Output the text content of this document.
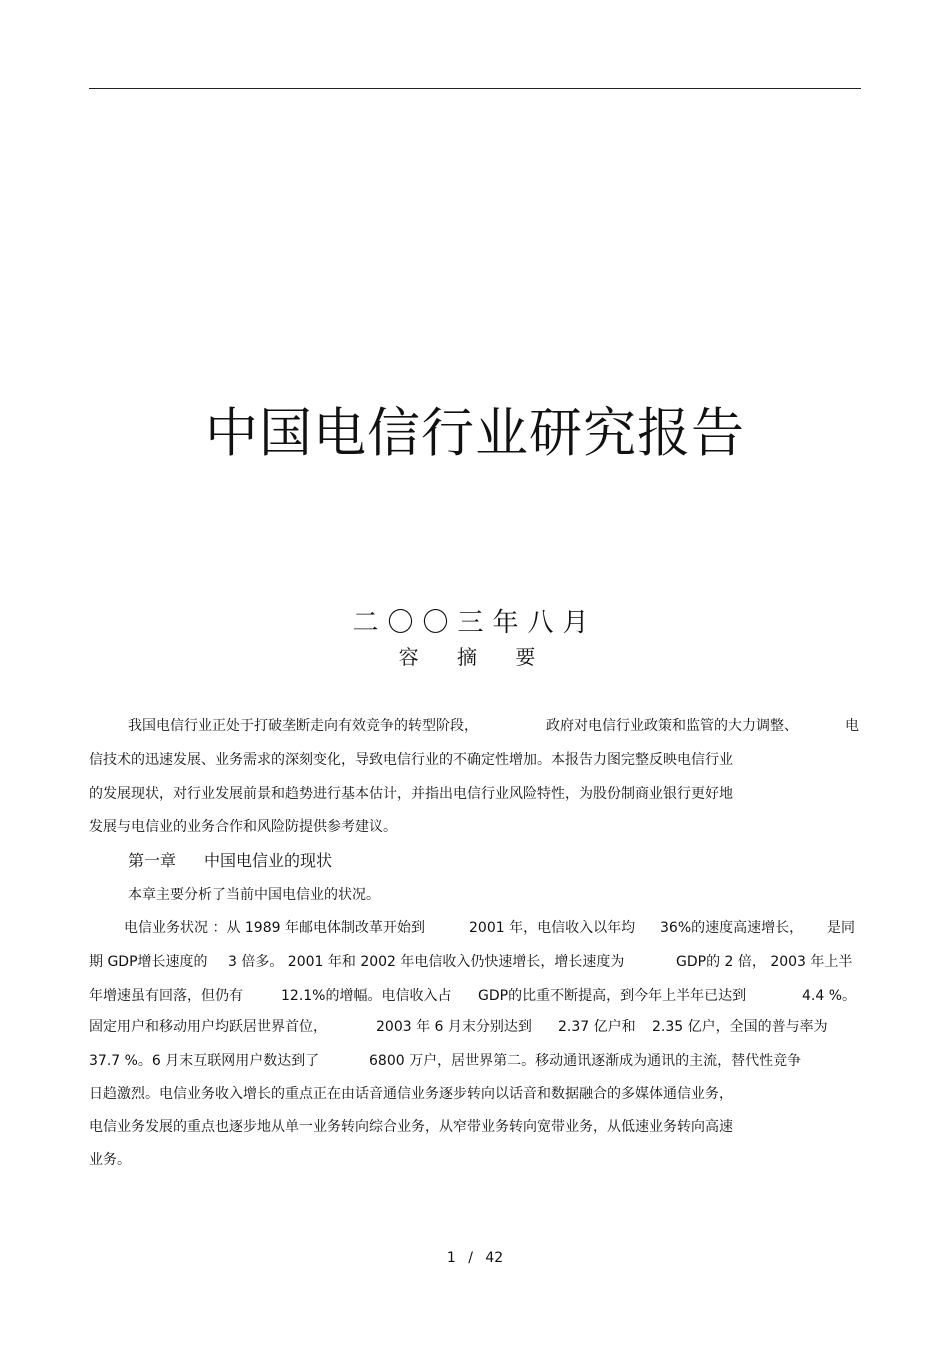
中国电信行业研究报告
二〇〇三年八月
容 摘 要
我国电信行业正处于打破垄断走向有效竞争的转型阶段，	政府对电信行业政策和监管的大力调整、	电
信技术的迅速发展、业务需求的深刻变化，导致电信行业的不确定性增加。本报告力图完整反映电信行业
的发展现状，对行业发展前景和趋势进行基本估计，并指出电信行业风险特性，为股份制商业银行更好地
发展与电信业的业务合作和风险防提供参考建议。
第一章 中国电信业的现状
本章主要分析了当前中国电信业的状况。
电信业务状况 ：从 1989 年邮电体制改革开始到	2001 年，电信收入以年均 36%的速度高速增长， 是同
期 GDP增长速度的 3 倍多。 2001 年和 2002 年电信收入仍快速增长，增长速度为	GDP的 2 倍， 2003 年上半
年增速虽有回落，但仍有	12.1%的增幅。电信收入占 GDP的比重不断提高，到今年上半年已达到	4.4 %。
固定用户和移动用户均跃居世界首位，	2003 年 6 月末分别达到 2.37 亿户和 2.35 亿户，全国的普与率为
37.7 %。6 月末互联网用户数达到了	6800 万户，居世界第二。移动通讯逐渐成为通讯的主流，替代性竞争
日趋激烈。电信业务收入增长的重点正在由话音通信业务逐步转向以话音和数据融合的多媒体通信业务，
电信业务发展的重点也逐步地从单一业务转向综合业务，从窄带业务转向宽带业务，从低速业务转向高速
业务。
1 / 42
